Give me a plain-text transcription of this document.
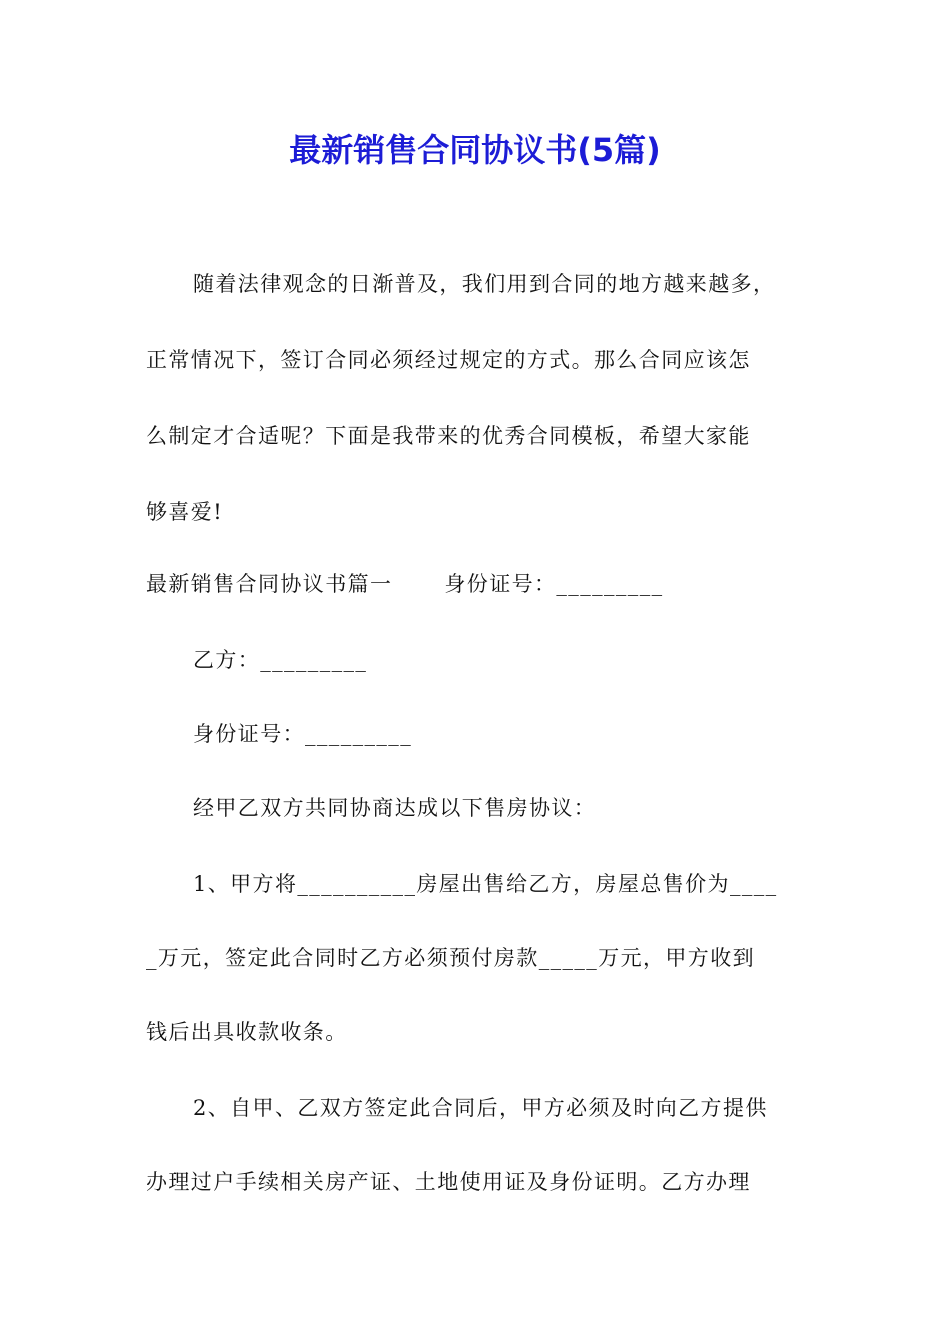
最新销售合同协议书(5篇)

随着法律观念的日渐普及，我们用到合同的地方越来越多，

正常情况下，签订合同必须经过规定的方式。那么合同应该怎

么制定才合适呢？下面是我带来的优秀合同模板，希望大家能

够喜爱!

最新销售合同协议书篇一 身份证号：_________

乙方：_________

身份证号：_________

经甲乙双方共同协商达成以下售房协议：

1、甲方将__________房屋出售给乙方，房屋总售价为____

_万元，签定此合同时乙方必须预付房款_____万元，甲方收到

钱后出具收款收条。

2、自甲、乙双方签定此合同后，甲方必须及时向乙方提供

办理过户手续相关房产证、土地使用证及身份证明。乙方办理
